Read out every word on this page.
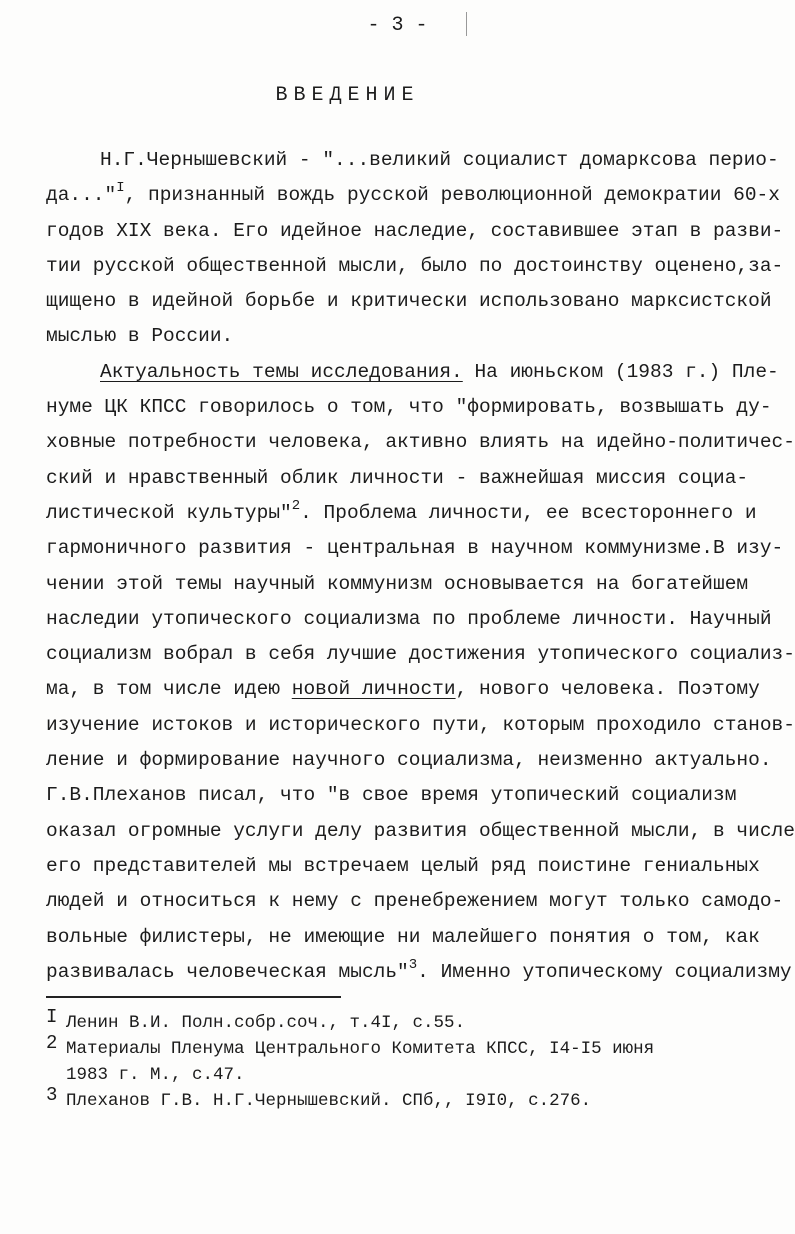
- 3 -
ВВЕДЕНИЕ
Н.Г.Чернышевский - "...великий социалист домарксова перио-
да..."$^I$, признанный вождь русской революционной демократии 60-х
годов XIX века. Его идейное наследие, составившее этап в разви-
тии русской общественной мысли, было по достоинству оценено,за-
щищено в идейной борьбе и критически использовано марксистской
мыслью в России.
Актуальность темы исследования. На июньском (1983 г.) Пле-
нуме ЦК КПСС говорилось о том, что "формировать, возвышать ду-
ховные потребности человека, активно влиять на идейно-политичес-
ский и нравственный облик личности - важнейшая миссия социа-
листической культуры"$^2$. Проблема личности, ее всестороннего и
гармоничного развития - центральная в научном коммунизме.В изу-
чении этой темы научный коммунизм основывается на богатейшем
наследии утопического социализма по проблеме личности. Научный
социализм вобрал в себя лучшие достижения утопического социализ-
ма, в том числе идею новой личности, нового человека. Поэтому
изучение истоков и исторического пути, которым проходило станов-
ление и формирование научного социализма, неизменно актуально.
Г.В.Плеханов писал, что "в свое время утопический социализм
оказал огромные услуги делу развития общественной мысли, в числе
его представителей мы встречаем целый ряд поистине гениальных
людей и относиться к нему с пренебрежением могут только самодо-
вольные филистеры, не имеющие ни малейшего понятия о том, как
развивалась человеческая мысль"$^3$. Именно утопическому социализму
I Ленин В.И. Полн.собр.соч., т.4I, с.55.
2 Материалы Пленума Центрального Комитета КПСС, I4-I5 июня
1983 г. М., с.47.
3 Плеханов Г.В. Н.Г.Чернышевский. СПб,, I9I0, с.276.
